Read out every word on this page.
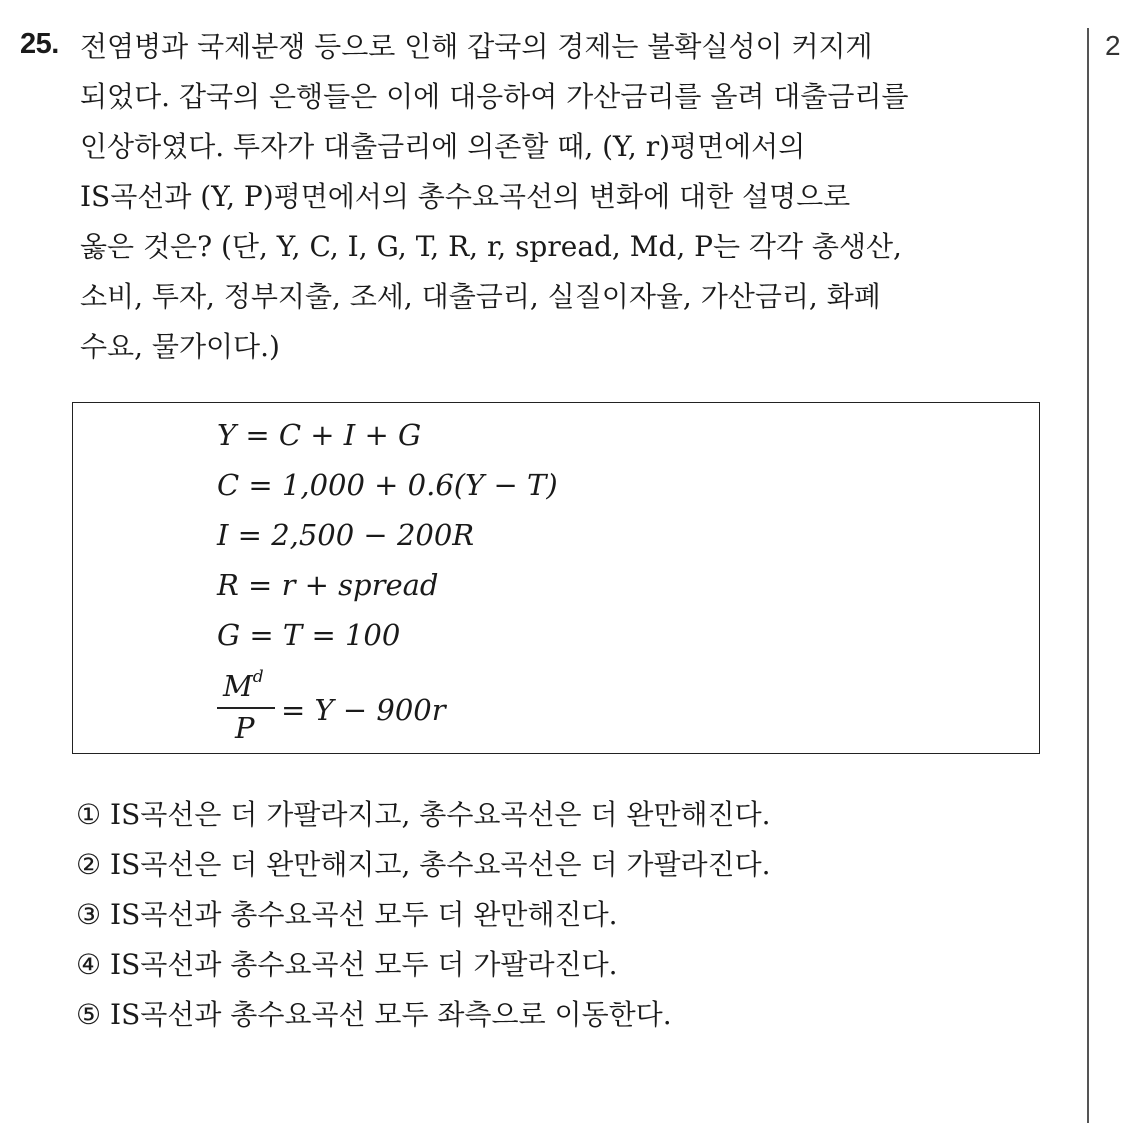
25. 전염병과 국제분쟁 등으로 인해 갑국의 경제는 불확실성이 커지게
되었다. 갑국의 은행들은 이에 대응하여 가산금리를 올려 대출금리를
인상하였다. 투자가 대출금리에 의존할 때, (Y, r)평면에서의
IS곡선과 (Y, P)평면에서의 총수요곡선의 변화에 대한 설명으로
옳은 것은? (단, Y, C, I, G, T, R, r, spread, Md, P는 각각 총생산,
소비, 투자, 정부지출, 조세, 대출금리, 실질이자율, 가산금리, 화폐
수요, 물가이다.)
Y = C + I + G
C = 1,000 + 0.6(Y − T)
I = 2,500 − 200R
R = r + spread
G = T = 100
$M^d$
P
= Y − 900r
① IS곡선은 더 가팔라지고, 총수요곡선은 더 완만해진다.
② IS곡선은 더 완만해지고, 총수요곡선은 더 가팔라진다.
③ IS곡선과 총수요곡선 모두 더 완만해진다.
④ IS곡선과 총수요곡선 모두 더 가팔라진다.
⑤ IS곡선과 총수요곡선 모두 좌측으로 이동한다.
2
